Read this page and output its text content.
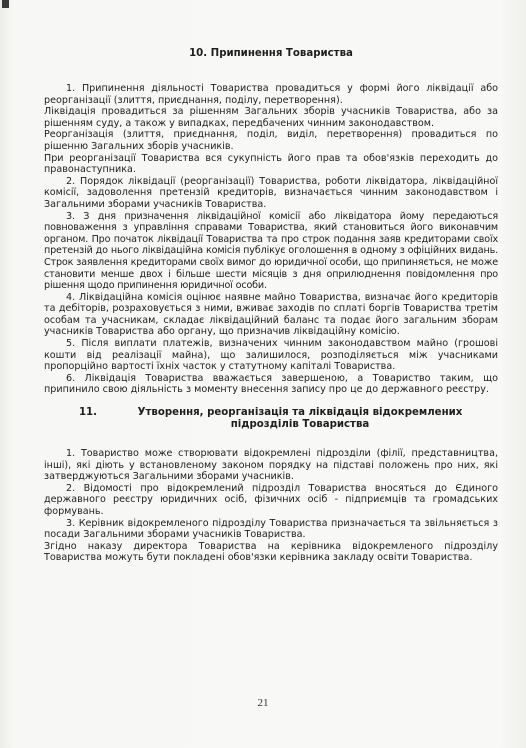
10. Припинення Товариства

1. Припинення діяльності Товариства провадиться у формі його ліквідації або реорганізації (злиття, приєднання, поділу, перетворення).

Ліквідація провадиться за рішенням Загальних зборів учасників Товариства, або за рішенням суду, а також у випадках, передбачених чинним законодавством.

Реорганізація (злиття, приєднання, поділ, виділ, перетворення) провадиться по рішенню Загальних зборів учасників.

При реорганізації Товариства вся сукупність його прав та обов'язків переходить до правонаступника.

2. Порядок ліквідації (реорганізації) Товариства, роботи ліквідатора, ліквідаційної комісії, задоволення претензій кредиторів, визначається чинним законодавством і Загальними зборами учасників Товариства.

3. З дня призначення ліквідаційної комісії або ліквідатора йому передаються повноваження з управління справами Товариства, який становиться його виконавчим органом. Про початок ліквідації Товариства та про строк подання заяв кредиторами своїх претензій до нього ліквідаційна комісія публікує оголошення в одному з офіційних видань. Строк заявлення кредиторами своїх вимог до юридичної особи, що припиняється, не може становити менше двох і більше шести місяців з дня оприлюднення повідомлення про рішення щодо припинення юридичної особи.

4. Ліквідаційна комісія оцінює наявне майно Товариства, визначає його кредиторів та дебіторів, розраховується з ними, вживає заходів по сплаті боргів Товариства третім особам та учасникам, складає ліквідаційний баланс та подає його загальним зборам учасників Товариства або органу, що призначив ліквідаційну комісію.

5. Після виплати платежів, визначених чинним законодавством майно (грошові кошти від реалізації майна), що залишилося, розподіляється між учасниками пропорційно вартості їхніх часток у статутному капіталі Товариства.

6. Ліквідація Товариства вважається завершеною, а Товариство таким, що припинило свою діяльність з моменту внесення запису про це до державного реєстру.

11.	Утворення, реорганізація та ліквідація відокремлених підрозділів Товариства

1. Товариство може створювати відокремлені підрозділи (філії, представництва, інші), які діють у встановленому законом порядку на підставі положень про них, які затверджуються Загальними зборами учасників.

2. Відомості про відокремлений підрозділ Товариства вносяться до Єдиного державного реєстру юридичних осіб, фізичних осіб - підприємців та громадських формувань.

3. Керівник відокремленого підрозділу Товариства призначається та звільняється з посади Загальними зборами учасників Товариства.

Згідно наказу директора Товариства на керівника відокремленого підрозділу Товариства можуть бути покладені обов'язки керівника закладу освіти Товариства.

21
